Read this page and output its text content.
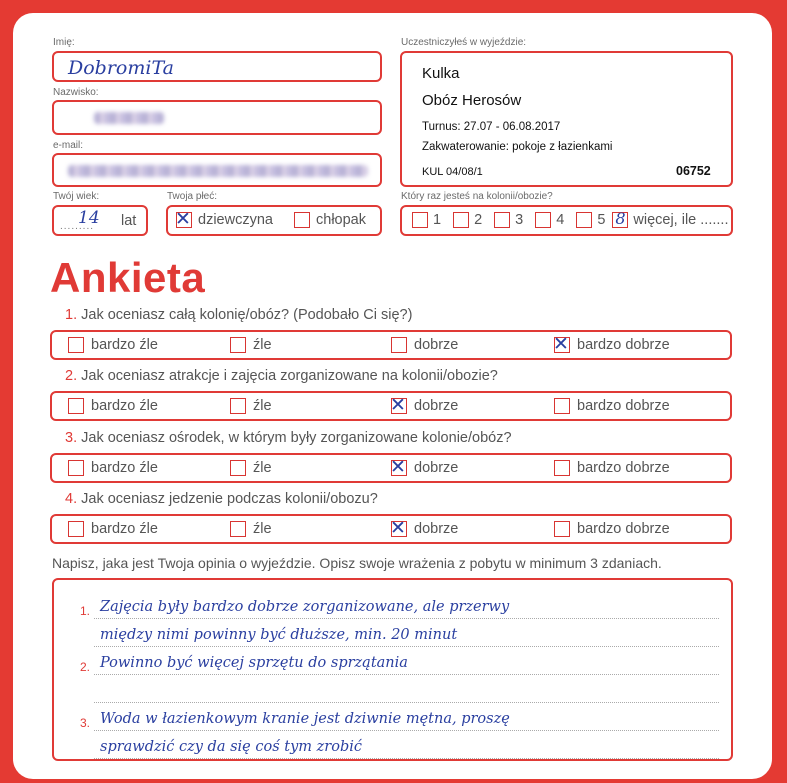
Imię:
DobromiTa
Nazwisko:
e-mail:
Twój wiek:
.........
14 lat
Twoja płeć:
✕ dziewczyna	chłopak
Uczestniczyłeś w wyjeździe:
Kulka
Obóz Herosów
Turnus: 27.07 - 06.08.2017
Zakwaterowanie: pokoje z łazienkami
KUL 04/08/1	06752
Który raz jesteś na kolonii/obozie?
1 2 3 4 5 8 więcej, ile .......
Ankieta
1. Jak oceniasz całą kolonię/obóz? (Podobało Ci się?)
bardzo źle	źle	dobrze	✕ bardzo dobrze
2. Jak oceniasz atrakcje i zajęcia zorganizowane na kolonii/obozie?
bardzo źle	źle	✕ dobrze	bardzo dobrze
3. Jak oceniasz ośrodek, w którym były zorganizowane kolonie/obóz?
bardzo źle	źle	✕ dobrze	bardzo dobrze
4. Jak oceniasz jedzenie podczas kolonii/obozu?
bardzo źle	źle	✕ dobrze	bardzo dobrze
Napisz, jaka jest Twoja opinia o wyjeździe. Opisz swoje wrażenia z pobytu w minimum 3 zdaniach.
1. Zajęcia były bardzo dobrze zorganizowane, ale przerwy
między nimi powinny być dłuższe, min. 20 minut
2. Powinno być więcej sprzętu do sprzątania
3. Woda w łazienkowym kranie jest dziwnie mętna, proszę
sprawdzić czy da się coś tym zrobić
